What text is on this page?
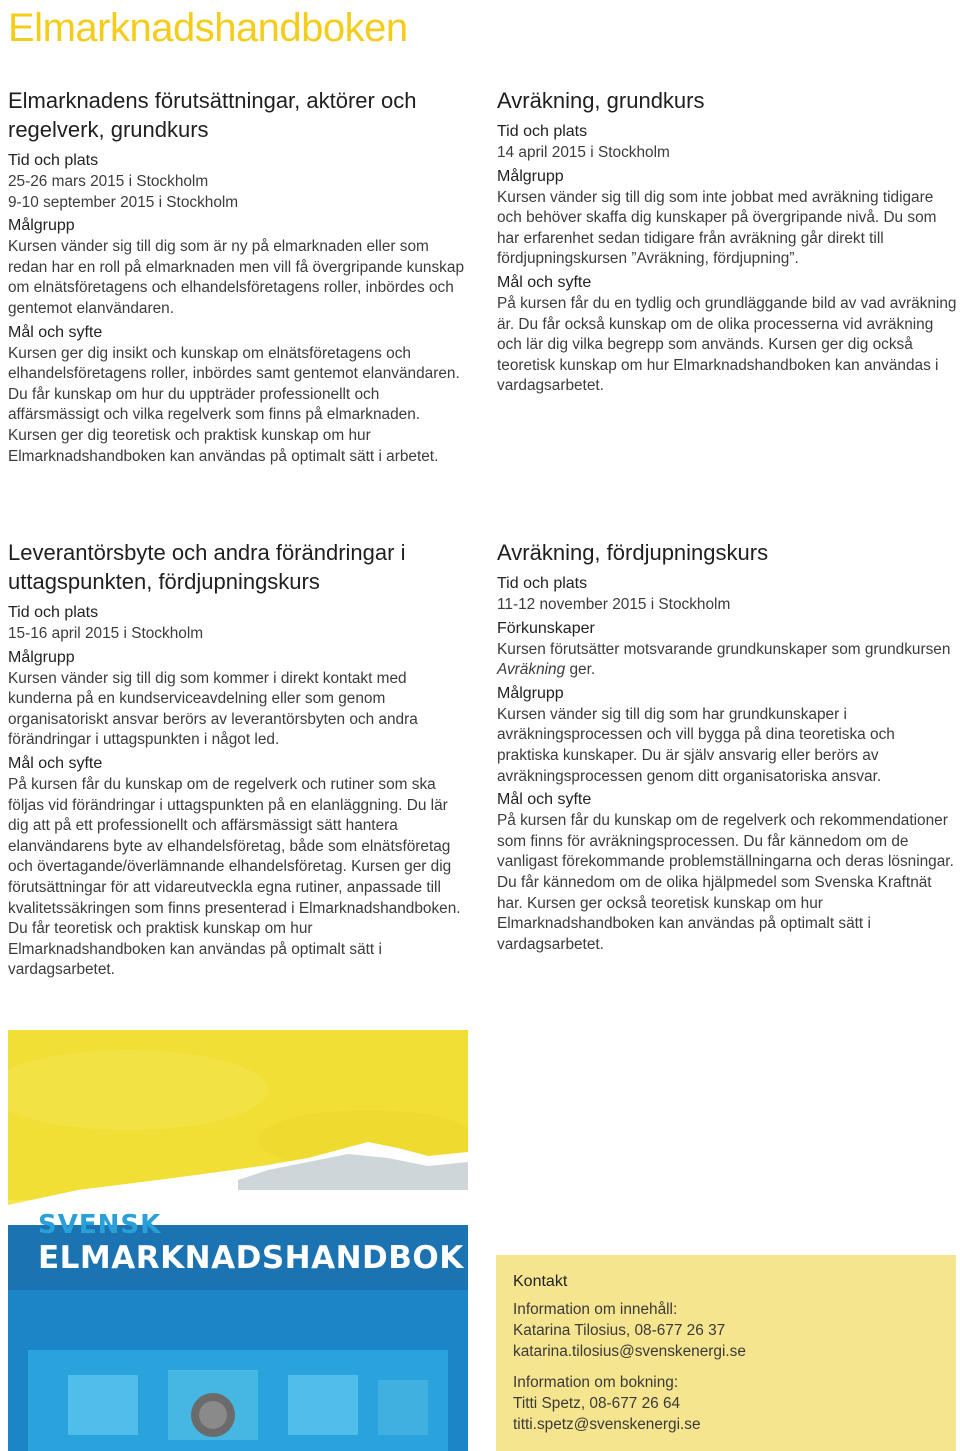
Elmarknadshandboken
Elmarknadens förutsättningar, aktörer och regelverk, grundkurs
Tid och plats
25-26 mars 2015 i Stockholm
9-10 september 2015 i Stockholm
Målgrupp
Kursen vänder sig till dig som är ny på elmarknaden eller som redan har en roll på elmarknaden men vill få övergripande kunskap om elnätsföretagens och elhandelsföretagens roller, inbördes och gentemot elanvändaren.
Mål och syfte
Kursen ger dig insikt och kunskap om elnätsföretagens och elhandelsföretagens roller, inbördes samt gentemot elanvändaren. Du får kunskap om hur du uppträder professionellt och affärsmässigt och vilka regelverk som finns på elmarknaden. Kursen ger dig teoretisk och praktisk kunskap om hur Elmarknadshandboken kan användas på optimalt sätt i arbetet.
Avräkning, grundkurs
Tid och plats
14 april 2015 i Stockholm
Målgrupp
Kursen vänder sig till dig som inte jobbat med avräkning tidigare och behöver skaffa dig kunskaper på övergripande nivå. Du som har erfarenhet sedan tidigare från avräkning går direkt till fördjupningskursen ”Avräkning, fördjupning”.
Mål och syfte
På kursen får du en tydlig och grundläggande bild av vad avräkning är. Du får också kunskap om de olika processerna vid avräkning och lär dig vilka begrepp som används. Kursen ger dig också teoretisk kunskap om hur Elmarknadshandboken kan användas i vardagsarbetet.
Leverantörsbyte och andra förändringar i uttagspunkten, fördjupningskurs
Tid och plats
15-16 april 2015 i Stockholm
Målgrupp
Kursen vänder sig till dig som kommer i direkt kontakt med kunderna på en kundserviceavdelning eller som genom organisatoriskt ansvar berörs av leverantörsbyten och andra förändringar i uttagspunkten i något led.
Mål och syfte
På kursen får du kunskap om de regelverk och rutiner som ska följas vid förändringar i uttagspunkten på en elanläggning. Du lär dig att på ett professionellt och affärsmässigt sätt hantera elanvändarens byte av elhandelsföretag, både som elnätsföretag och övertagande/överlämnande elhandelsföretag. Kursen ger dig förutsättningar för att vidareutveckla egna rutiner, anpassade till kvalitetssäkringen som finns presenterad i Elmarknadshandboken. Du får teoretisk och praktisk kunskap om hur Elmarknadshandboken kan användas på optimalt sätt i vardagsarbetet.
Avräkning, fördjupningskurs
Tid och plats
11-12 november 2015 i Stockholm
Förkunskaper
Kursen förutsätter motsvarande grundkunskaper som grundkursen Avräkning ger.
Målgrupp
Kursen vänder sig till dig som har grundkunskaper i avräkningsprocessen och vill bygga på dina teoretiska och praktiska kunskaper. Du är själv ansvarig eller berörs av avräkningsprocessen genom ditt organisatoriska ansvar.
Mål och syfte
På kursen får du kunskap om de regelverk och rekommendationer som finns för avräkningsprocessen. Du får kännedom om de vanligast förekommande problemställningarna och deras lösningar. Du får kännedom om de olika hjälpmedel som Svenska Kraftnät har. Kursen ger också teoretisk kunskap om hur Elmarknadshandboken kan användas på optimalt sätt i vardagsarbetet.
SVENSK
ELMARKNADSHANDBOK
Kontakt
Information om innehåll:
Katarina Tilosius, 08-677 26 37
katarina.tilosius@svenskenergi.se
Information om bokning:
Titti Spetz, 08-677 26 64
titti.spetz@svenskenergi.se
